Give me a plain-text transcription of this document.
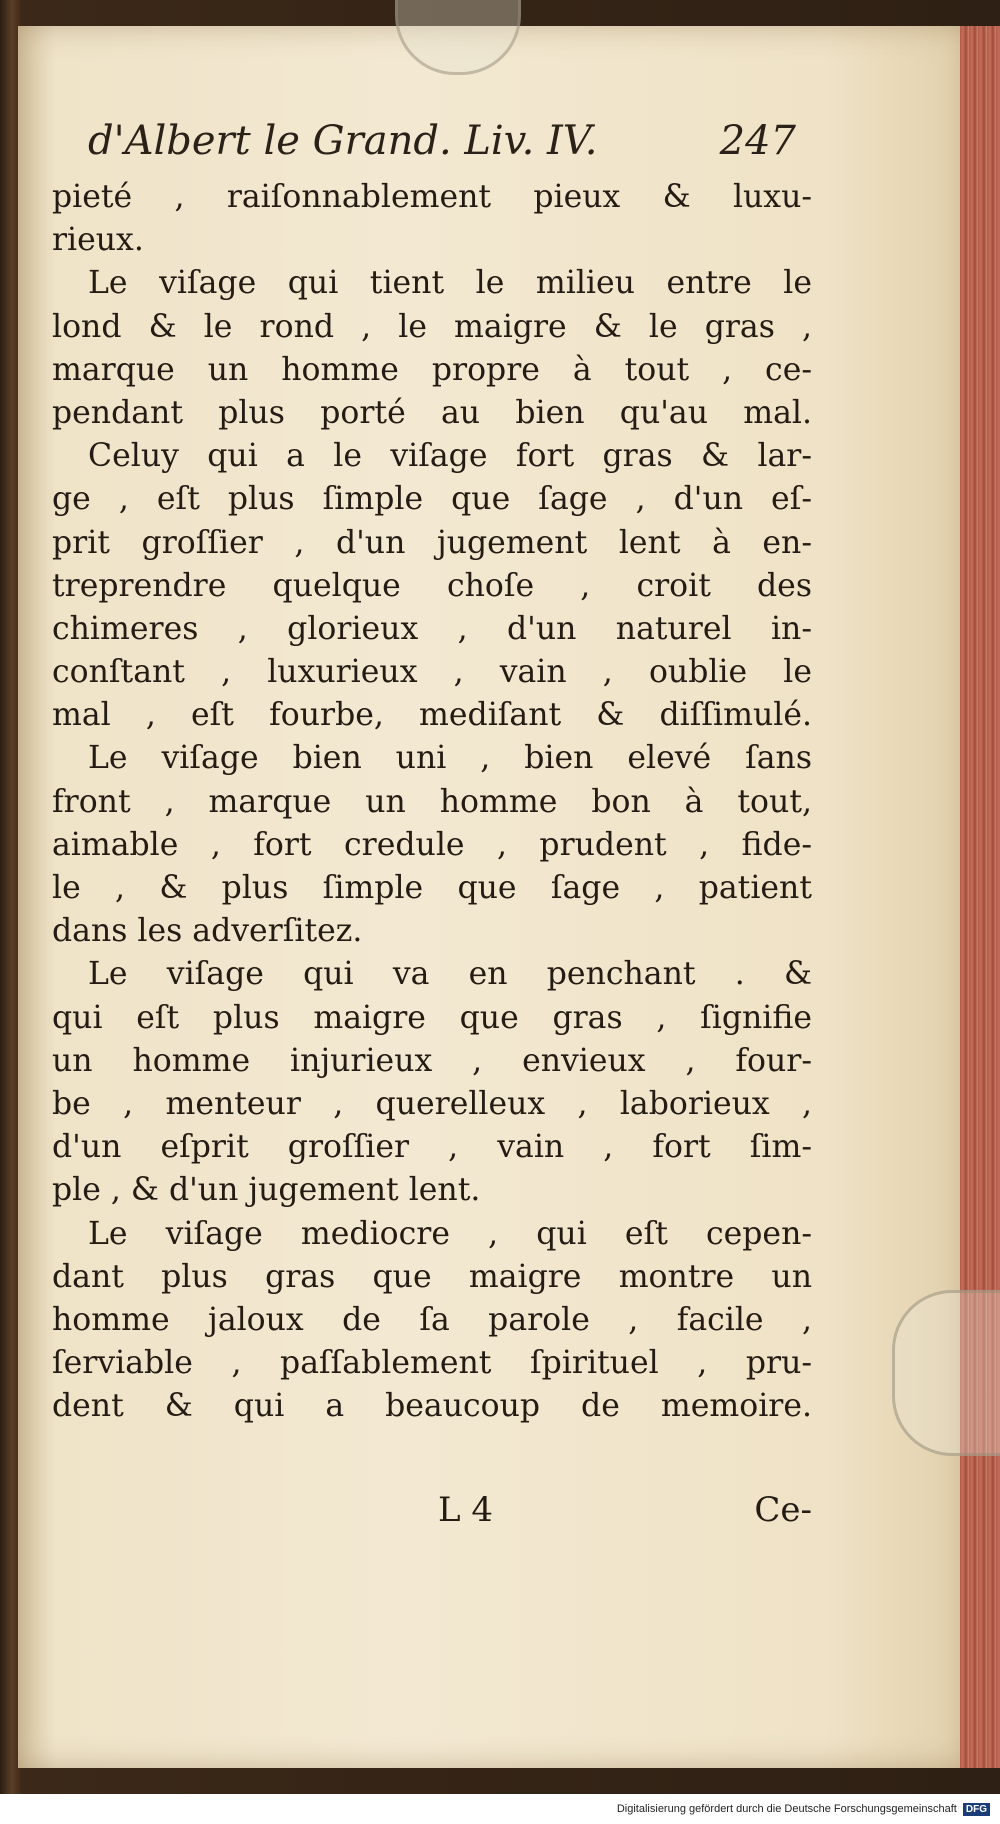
d'Albert le Grand. Liv. IV.	247
pieté , raiſonnablement pieux & luxu-
rieux.
Le viſage qui tient le milieu entre le
lond & le rond , le maigre & le gras ,
marque un homme propre à tout , ce-
pendant plus porté au bien qu'au mal.
Celuy qui a le viſage fort gras & lar-
ge , eſt plus ſimple que ſage , d'un eſ-
prit groſſier , d'un jugement lent à en-
treprendre quelque choſe , croit des
chimeres , glorieux , d'un naturel in-
conſtant , luxurieux , vain , oublie le
mal , eſt fourbe, mediſant & diſſimulé.
Le viſage bien uni , bien elevé ſans
front , marque un homme bon à tout,
aimable , fort credule , prudent , fide-
le , & plus ſimple que ſage , patient
dans les adverſitez.
Le viſage qui va en penchant . &
qui eſt plus maigre que gras , ſignifie
un homme injurieux , envieux , four-
be , menteur , querelleux , laborieux ,
d'un eſprit groſſier , vain , fort ſim-
ple , & d'un jugement lent.
Le viſage mediocre , qui eſt cepen-
dant plus gras que maigre montre un
homme jaloux de ſa parole , facile ,
ſerviable , paſſablement ſpirituel , pru-
dent & qui a beaucoup de memoire.
L 4	Ce-
Digitalisierung gefördert durch die Deutsche Forschungsgemeinschaft DFG
